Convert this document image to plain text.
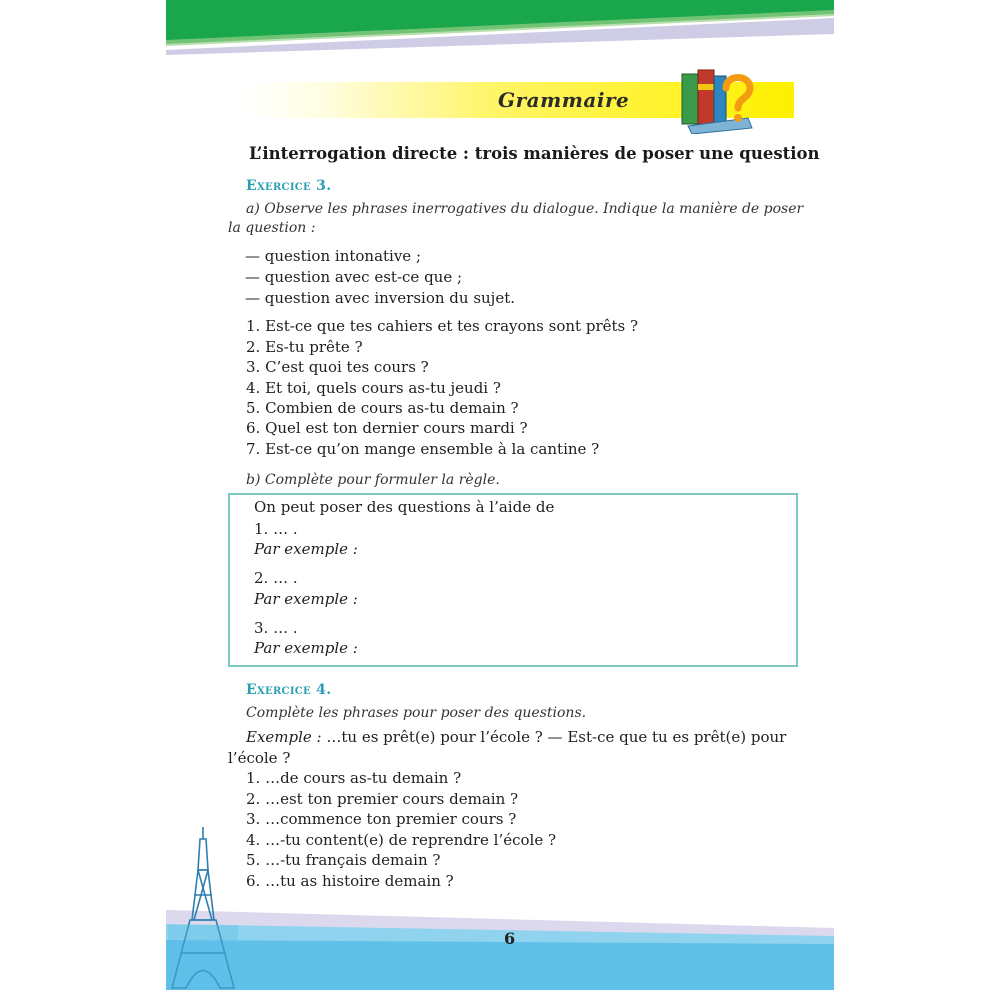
Grammaire
L’interrogation directe : trois manières de poser une question
Exercice 3.
a) Observe les phrases inerrogatives du dialogue. Indique la manière de poser
la question :
— question intonative ;
— question avec est-ce que ;
— question avec inversion du sujet.
1. Est-ce que tes cahiers et tes crayons sont prêts ?
2. Es-tu prête ?
3. C’est quoi tes cours ?
4. Et toi, quels cours as-tu jeudi ?
5. Combien de cours as-tu demain ?
6. Quel est ton dernier cours mardi ?
7. Est-ce qu’on mange ensemble à la cantine ?
b) Complète pour formuler la règle.
On peut poser des questions à l’aide de
1. … .
Par exemple :
2. … .
Par exemple :
3. … .
Par exemple :
Exercice 4.
Complète les phrases pour poser des questions.
Exemple : …tu es prêt(e) pour l’école ? — Est-ce que tu es prêt(e) pour
l’école ?
1. …de cours as-tu demain ?
2. …est ton premier cours demain ?
3. …commence ton premier cours ?
4. …-tu content(e) de reprendre l’école ?
5. …-tu français demain ?
6. …tu as histoire demain ?
6
